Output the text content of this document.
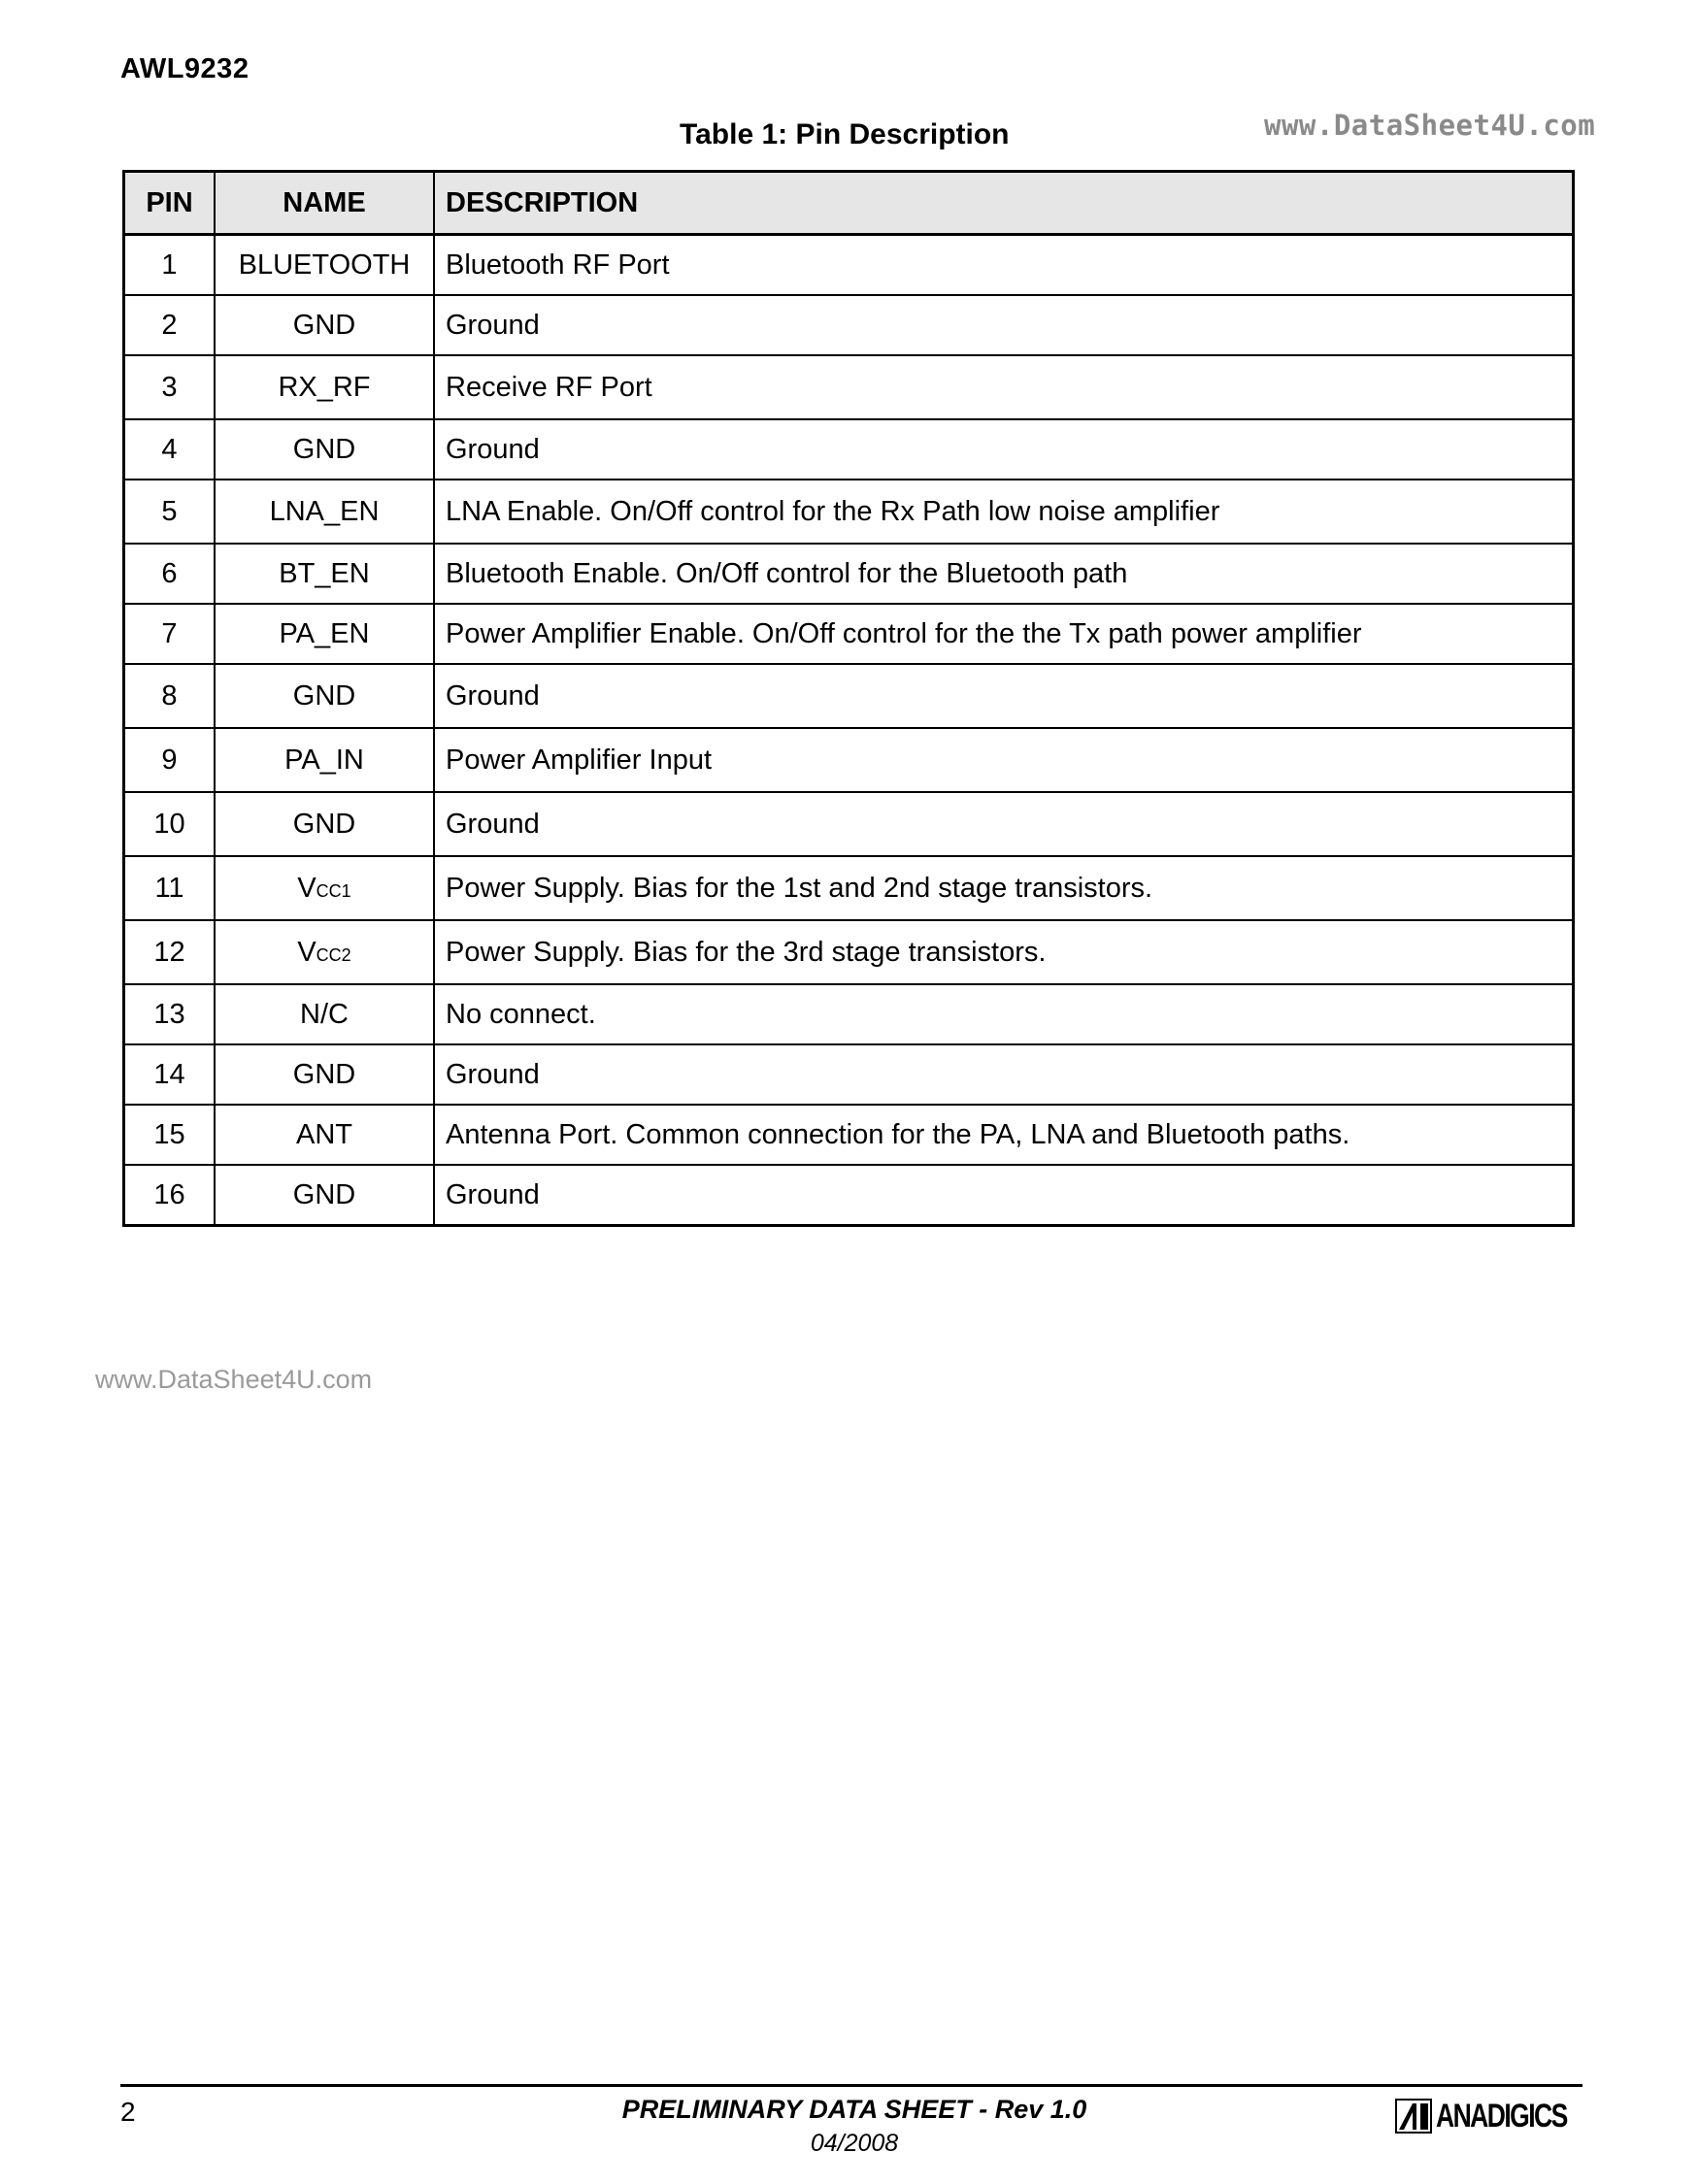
AWL9232
Table 1: Pin Description	www.DataSheet4U.com
PIN	NAME	DESCRIPTION
1	BLUETOOTH	Bluetooth RF Port
2	GND	Ground
3	RX_RF	Receive RF Port
4	GND	Ground
5	LNA_EN	LNA Enable. On/Off control for the Rx Path low noise amplifier
6	BT_EN	Bluetooth Enable. On/Off control for the Bluetooth path
7	PA_EN	Power Amplifier Enable. On/Off control for the the Tx path power amplifier
8	GND	Ground
9	PA_IN	Power Amplifier Input
10	GND	Ground
11	VCC1	Power Supply. Bias for the 1st and 2nd stage transistors.
12	VCC2	Power Supply. Bias for the 3rd stage transistors.
13	N/C	No connect.
14	GND	Ground
15	ANT	Antenna Port. Common connection for the PA, LNA and Bluetooth paths.
16	GND	Ground
www.DataSheet4U.com
2	PRELIMINARY DATA SHEET - Rev 1.0
04/2008
ANADIGICS
